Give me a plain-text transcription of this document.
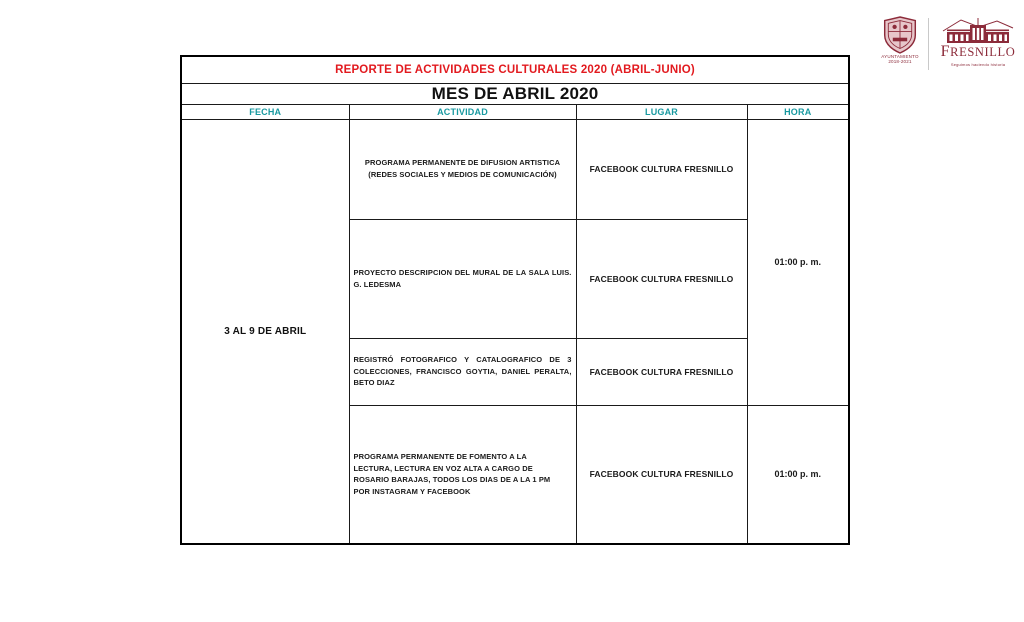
AYUNTAMIENTO
2018-2021
FRESNILLO
Seguimos haciendo historia
REPORTE DE ACTIVIDADES CULTURALES 2020 (ABRIL-JUNIO)			
MES DE ABRIL 2020			
FECHA	ACTIVIDAD	LUGAR	HORA
3 AL 9 DE ABRIL	PROGRAMA PERMANENTE DE DIFUSION ARTISTICA (REDES SOCIALES Y MEDIOS DE COMUNICACIÓN)	FACEBOOK CULTURA FRESNILLO	01:00 p. m.
	PROYECTO DESCRIPCION DEL MURAL DE LA SALA LUIS. G. LEDESMA	FACEBOOK CULTURA FRESNILLO	
	REGISTRÓ FOTOGRAFICO Y CATALOGRAFICO DE 3 COLECCIONES, FRANCISCO GOYTIA, DANIEL PERALTA, BETO DIAZ	FACEBOOK CULTURA FRESNILLO	
	PROGRAMA PERMANENTE DE FOMENTO A LA LECTURA, LECTURA EN VOZ ALTA A CARGO DE ROSARIO BARAJAS, TODOS LOS DIAS DE A LA 1 PM POR INSTAGRAM Y FACEBOOK	FACEBOOK CULTURA FRESNILLO	01:00 p. m.
